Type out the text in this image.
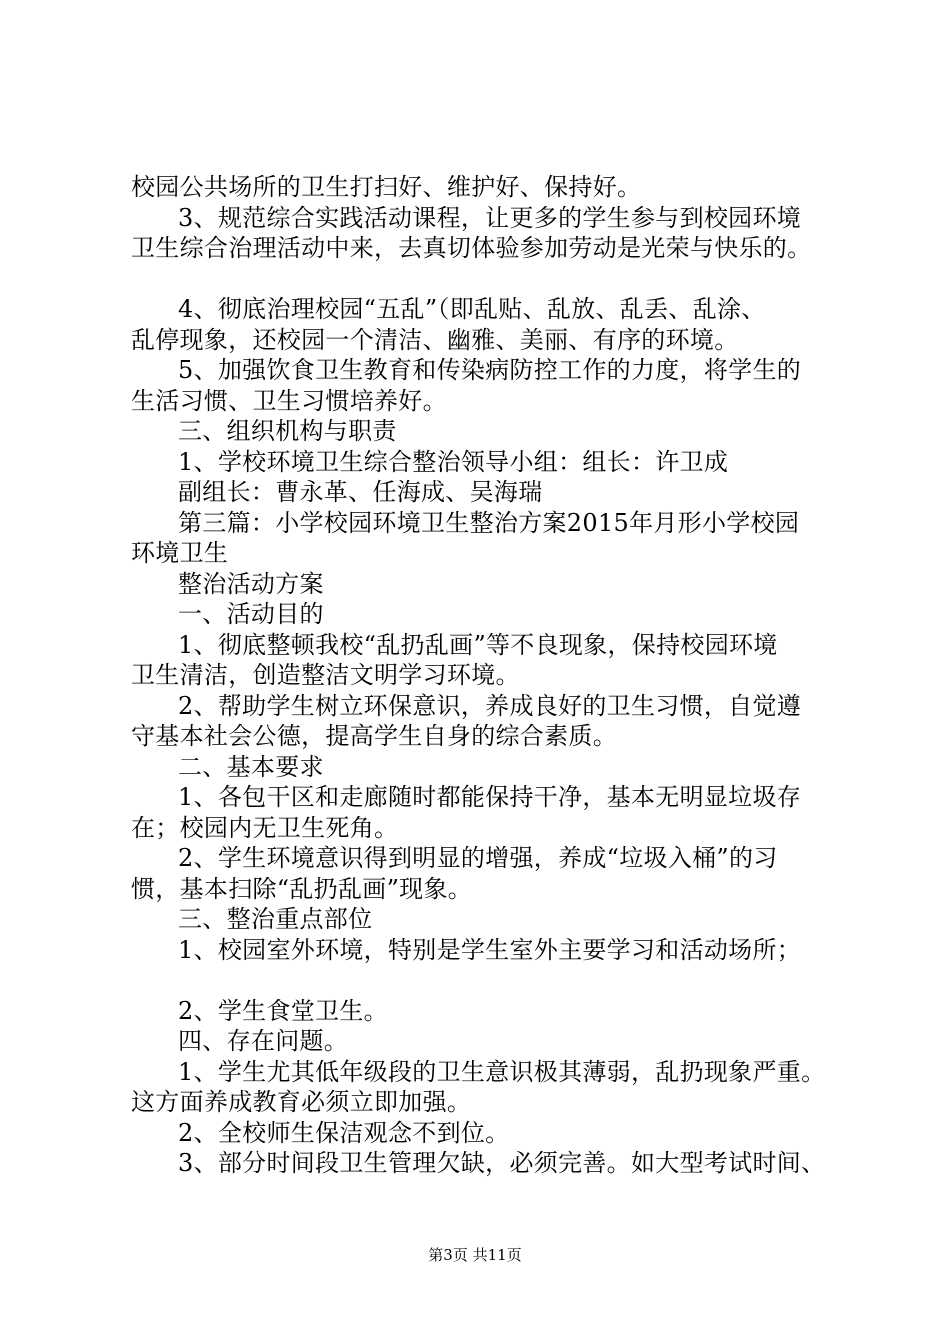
校园公共场所的卫生打扫好、维护好、保持好。
3、规范综合实践活动课程，让更多的学生参与到校园环境
卫生综合治理活动中来，去真切体验参加劳动是光荣与快乐的。
4、彻底治理校园“五乱”（即乱贴、乱放、乱丢、乱涂、
乱停现象，还校园一个清洁、幽雅、美丽、有序的环境。
5、加强饮食卫生教育和传染病防控工作的力度，将学生的
生活习惯、卫生习惯培养好。
三、组织机构与职责
1、学校环境卫生综合整治领导小组：组长：许卫成
副组长：曹永革、任海成、吴海瑞
第三篇：小学校园环境卫生整治方案2015年月形小学校园
环境卫生
整治活动方案
一、活动目的
1、彻底整顿我校“乱扔乱画”等不良现象，保持校园环境
卫生清洁，创造整洁文明学习环境。
2、帮助学生树立环保意识，养成良好的卫生习惯，自觉遵
守基本社会公德，提高学生自身的综合素质。
二、基本要求
1、各包干区和走廊随时都能保持干净，基本无明显垃圾存
在；校园内无卫生死角。
2、学生环境意识得到明显的增强，养成“垃圾入桶”的习
惯，基本扫除“乱扔乱画”现象。
三、整治重点部位
1、校园室外环境，特别是学生室外主要学习和活动场所；
2、学生食堂卫生。
四、存在问题。
1、学生尤其低年级段的卫生意识极其薄弱，乱扔现象严重。
这方面养成教育必须立即加强。
2、全校师生保洁观念不到位。
3、部分时间段卫生管理欠缺，必须完善。如大型考试时间、
第3页 共11页
